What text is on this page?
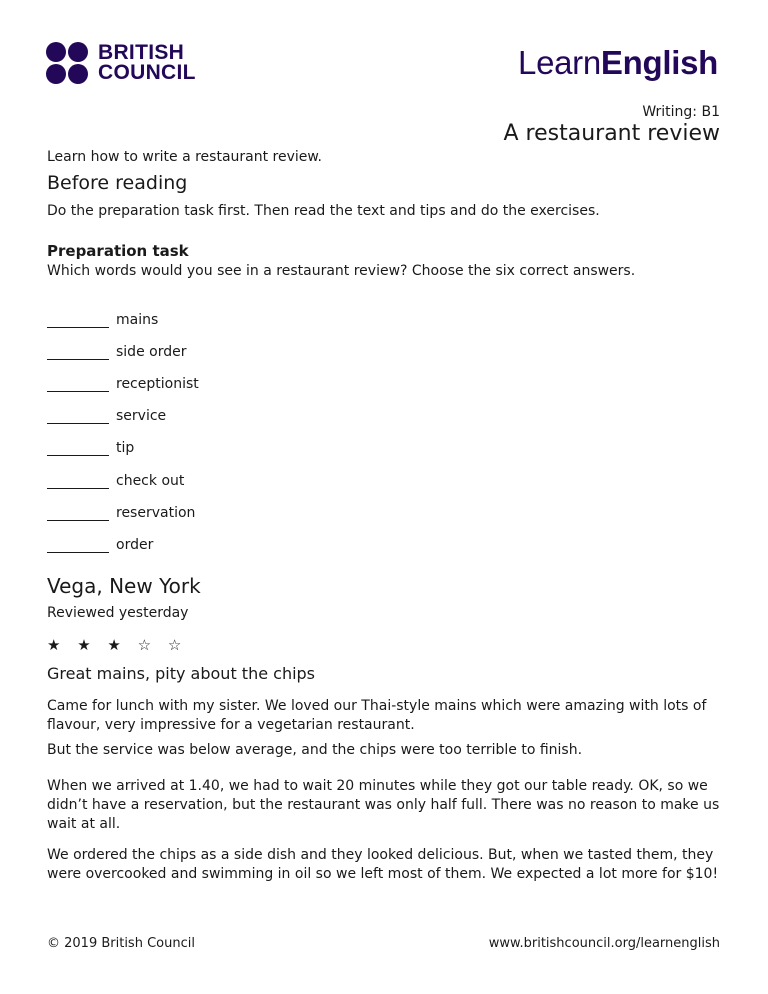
BRITISH
COUNCIL	LearnEnglish
Writing: B1
A restaurant review
Learn how to write a restaurant review.
Before reading
Do the preparation task first. Then read the text and tips and do the exercises.
Preparation task
Which words would you see in a restaurant review? Choose the six correct answers.
mains
side order
receptionist
service
tip
check out
reservation
order
Vega, New York
Reviewed yesterday
★ ★ ★ ☆ ☆
Great mains, pity about the chips
Came for lunch with my sister. We loved our Thai-style mains which were amazing with lots of flavour, very impressive for a vegetarian restaurant.
But the service was below average, and the chips were too terrible to finish.
When we arrived at 1.40, we had to wait 20 minutes while they got our table ready. OK, so we didn’t have a reservation, but the restaurant was only half full. There was no reason to make us wait at all.
We ordered the chips as a side dish and they looked delicious. But, when we tasted them, they were overcooked and swimming in oil so we left most of them. We expected a lot more for $10!
© 2019 British Council	www.britishcouncil.org/learnenglish
